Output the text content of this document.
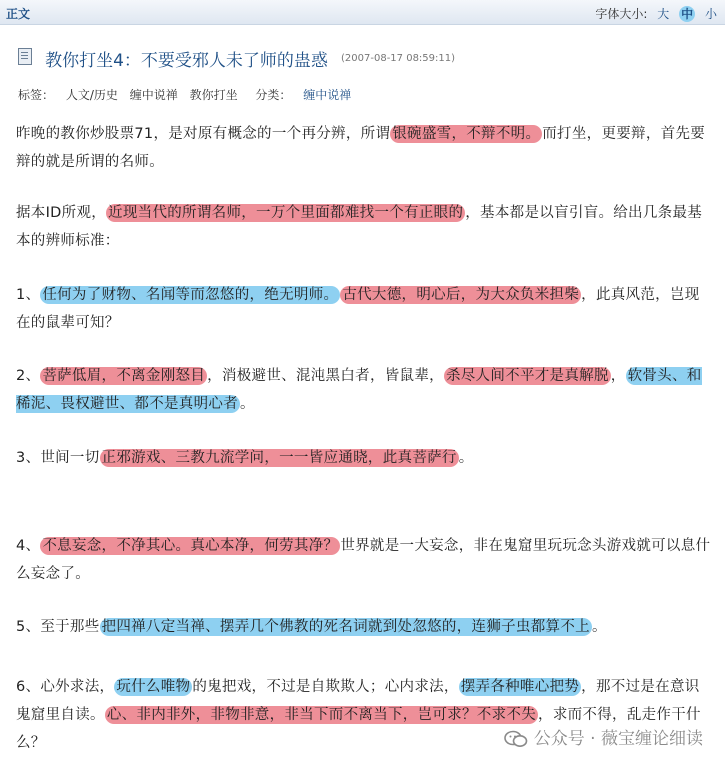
正文	字体大小: 大 中 小
教你打坐4：不要受邪人未了师的蛊惑 (2007-08-17 08:59:11)
标签： 人文/历史 缠中说禅 教你打坐 分类： 缠中说禅
昨晚的教你炒股票71，是对原有概念的一个再分辨，所谓 银碗盛雪，不辩不明。 而打坐，更要辩，首先要辩的就是所谓的名师。
据本ID所观， 近现当代的所谓名师，一万个里面都难找一个有正眼的 ，基本都是以盲引盲。给出几条最基本的辨师标准：
1、 任何为了财物、名闻等而忽悠的，绝无明师。 古代大德，明心后，为大众负米担柴 ，此真风范，岂现在的鼠辈可知？
2、 菩萨低眉，不离金刚怒目 ，消极避世、混沌黑白者，皆鼠辈， 杀尽人间不平才是真解脱 ， 软骨头、和稀泥、畏权避世、都不是真明心者 。
3、世间一切 正邪游戏、三教九流学问，一一皆应通晓，此真菩萨行 。
4、 不息妄念，不净其心。真心本净，何劳其净？ 世界就是一大妄念，非在鬼窟里玩玩念头游戏就可以息什么妄念了。
5、至于那些 把四禅八定当禅、摆弄几个佛教的死名词就到处忽悠的，连狮子虫都算不上 。
6、心外求法， 玩什么唯物 的鬼把戏，不过是自欺欺人；心内求法， 摆弄各种唯心把势 ，那不过是在意识鬼窟里自读。 心、非内非外，非物非意，非当下而不离当下，岂可求？不求不失 ，求而不得，乱走作干什么？	公众号 · 薇宝缠论细读
